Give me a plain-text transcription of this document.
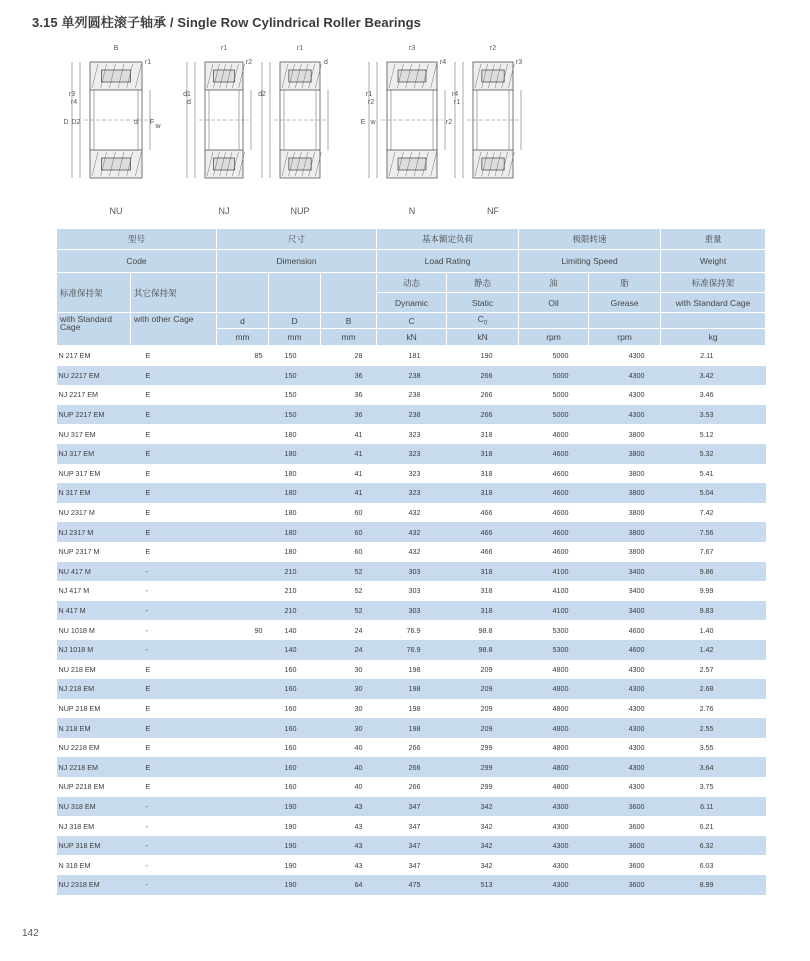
3.15 单列圆柱滚子轴承 / Single Row Cylindrical Roller Bearings
B
r1
r3
r4
D D2	d F
w
NU
r1
r2
d1
d
NJ
r1
d
d2
NUP
r3
r4
r1
r2
E w
N
r2
r3
r4
r1
r2
NF
型号		尺寸			基本额定负荷		极限转速		重量
Code		Dimension			Load Rating		Limiting Speed		Weight
标准保持架	其它保持架				动态	静态	油	脂	标准保持架
					Dynamic	Static	Oil	Grease	with Standard Cage
with Standard Cage	with other Cage	d	D	B	C	$C_0$			
		mm	mm	mm	kN	kN	rpm	rpm	kg
N 217 EM	E	85	150	28	181	190	5000	4300	2.11
NU 2217 EM	E		150	36	238	266	5000	4300	3.42
NJ 2217 EM	E		150	36	238	266	5000	4300	3.46
NUP 2217 EM	E		150	36	238	266	5000	4300	3.53
NU 317 EM	E		180	41	323	318	4600	3800	5.12
NJ 317 EM	E		180	41	323	318	4600	3800	5.32
NUP 317 EM	E		180	41	323	318	4600	3800	5.41
N 317 EM	E		180	41	323	318	4600	3800	5.04
NU 2317 M	E		180	60	432	466	4600	3800	7.42
NJ 2317 M	E		180	60	432	466	4600	3800	7.56
NUP 2317 M	E		180	60	432	466	4600	3800	7.67
NU 417 M	-		210	52	303	318	4100	3400	9.86
NJ 417 M	-		210	52	303	318	4100	3400	9.99
N 417 M	-		210	52	303	318	4100	3400	9.83
NU 1018 M	-	90	140	24	76.9	98.8	5300	4600	1.40
NJ 1018 M	-		140	24	76.9	98.8	5300	4600	1.42
NU 218 EM	E		160	30	198	209	4800	4300	2.57
NJ 218 EM	E		160	30	198	209	4800	4300	2.68
NUP 218 EM	E		160	30	198	209	4800	4300	2.76
N 218 EM	E		160	30	198	209	4800	4300	2.55
NU 2218 EM	E		160	40	266	299	4800	4300	3.55
NJ 2218 EM	E		160	40	266	299	4800	4300	3.64
NUP 2218 EM	E		160	40	266	299	4800	4300	3.75
NU 318 EM	-		190	43	347	342	4300	3600	6.11
NJ 318 EM	-		190	43	347	342	4300	3600	6.21
NUP 318 EM	-		190	43	347	342	4300	3600	6.32
N 318 EM	-		190	43	347	342	4300	3600	6.03
NU 2318 EM	-		190	64	475	513	4300	3600	8.99
142
